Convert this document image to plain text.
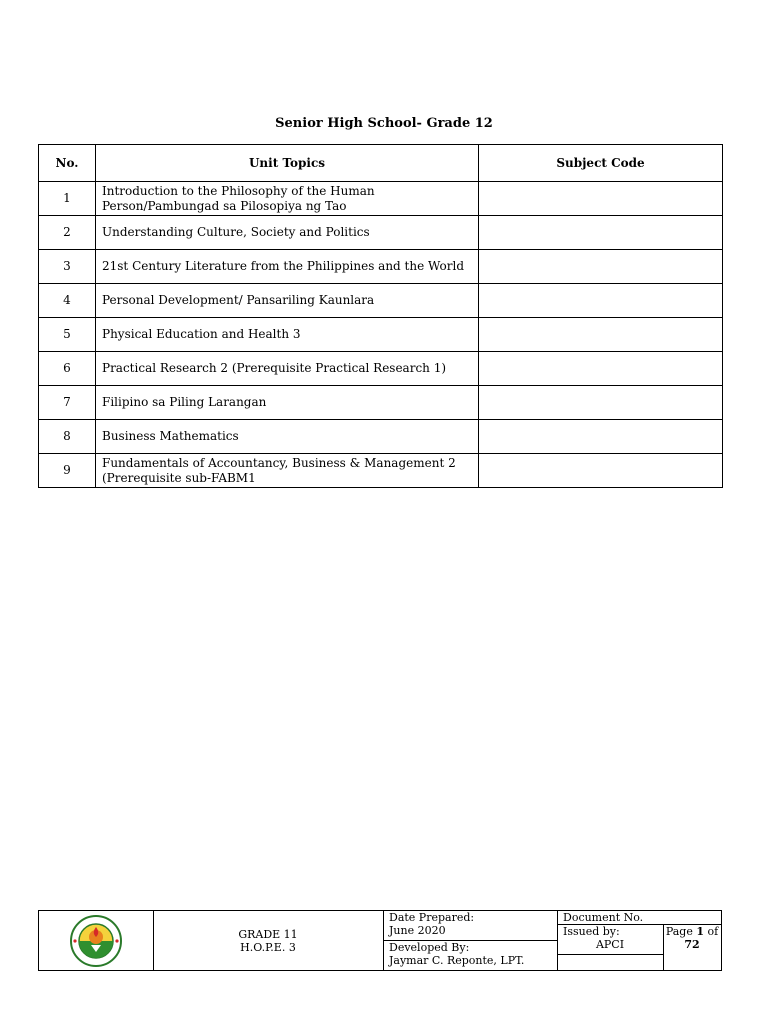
Senior High School- Grade 12
No.	Unit Topics	Subject Code
1	Introduction to the Philosophy of the Human Person/Pambungad sa Pilosopiya ng Tao	
2	Understanding Culture, Society and Politics	
3	21st Century Literature from the Philippines and the World	
4	Personal Development/ Pansariling Kaunlara	
5	Physical Education and Health 3	
6	Practical Research 2 (Prerequisite Practical Research 1)	
7	Filipino sa Piling Larangan	
8	Business Mathematics	
9	Fundamentals of Accountancy, Business & Management 2 (Prerequisite sub-FABM1	
GRADE 11
H.O.P.E. 3
Date Prepared:
June 2020
Developed By:
Jaymar C. Reponte, LPT.
Document No.
Issued by:
APCI
Page 1 of 72
